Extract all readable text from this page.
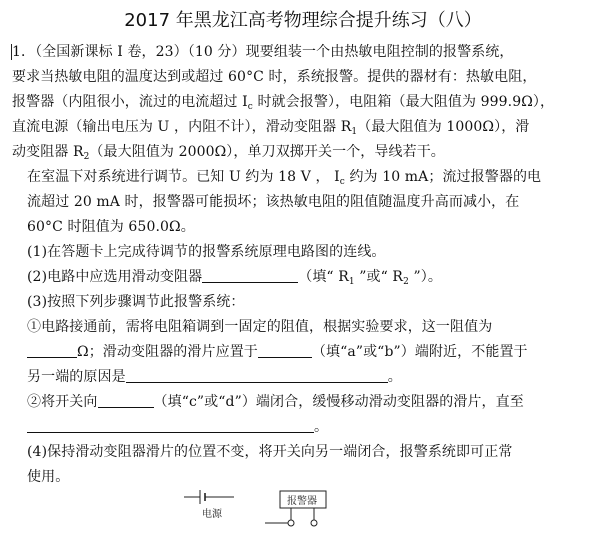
2017 年黑龙江高考物理综合提升练习（八）
1．（全国新课标 I 卷，23）（10 分）现要组装一个由热敏电阻控制的报警系统，
要求当热敏电阻的温度达到或超过 60°C 时，系统报警。提供的器材有：热敏电阻，
报警器（内阻很小，流过的电流超过 $I_c$ 时就会报警），电阻箱（最大阻值为 999.9Ω），
直流电源（输出电压为 U ，内阻不计），滑动变阻器 $R_1$（最大阻值为 1000Ω），滑
动变阻器 $R_2$（最大阻值为 2000Ω），单刀双掷开关一个，导线若干。
在室温下对系统进行调节。已知 U 约为 18 V ， $I_c$ 约为 10 mA；流过报警器的电
流超过 20 mA 时，报警器可能损坏；该热敏电阻的阻值随温度升高而减小，在
60°C 时阻值为 650.0Ω。
(1)在答题卡上完成待调节的报警系统原理电路图的连线。
(2)电路中应选用滑动变阻器	（填“ $R_1$ ”或“ $R_2$ ”）。
(3)按照下列步骤调节此报警系统：
①电路接通前，需将电阻箱调到一固定的阻值，根据实验要求，这一阻值为
Ω；滑动变阻器的滑片应置于	（填“a”或“b”）端附近，不能置于
另一端的原因是	。
②将开关向	（填“c”或“d”）端闭合，缓慢移动滑动变阻器的滑片，直至
。
(4)保持滑动变阻器滑片的位置不变，将开关向另一端闭合，报警系统即可正常
使用。
电源
报警器
